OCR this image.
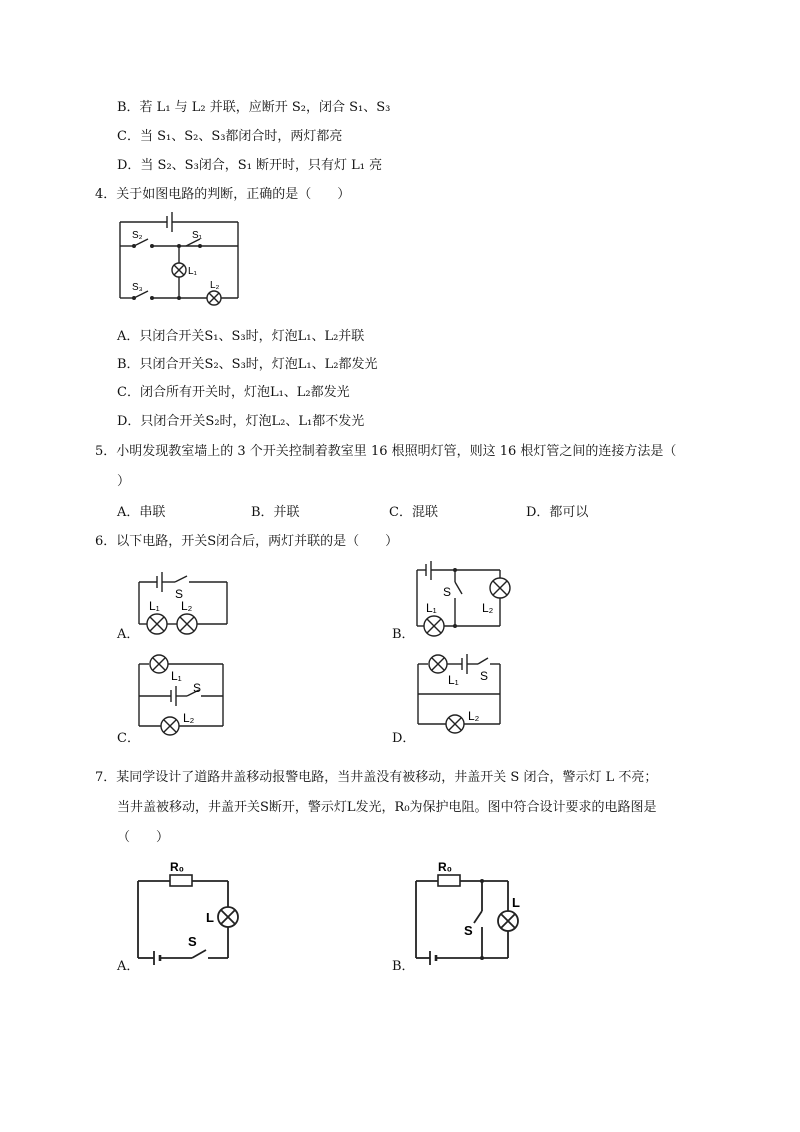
B．若 L₁ 与 L₂ 并联，应断开 S₂，闭合 S₁、S₃
C．当 S₁、S₂、S₃都闭合时，两灯都亮
D．当 S₂、S₃闭合，S₁ 断开时，只有灯 L₁ 亮
4．关于如图电路的判断，正确的是（　　）
S₂	S₁
L₁
S₃	L₂
A．只闭合开关S₁、S₃时，灯泡L₁、L₂并联
B．只闭合开关S₂、S₃时，灯泡L₁、L₂都发光
C．闭合所有开关时，灯泡L₁、L₂都发光
D．只闭合开关S₂时，灯泡L₂、L₁都不发光
5．小明发现教室墙上的 3 个开关控制着教室里 16 根照明灯管，则这 16 根灯管之间的连接方法是（
）
A．串联	B．并联	C．混联	D．都可以
6．以下电路，开关S闭合后，两灯并联的是（　　）
A．
S
L₁ L₂
B．
S
L₁	L₂
C．
L₁
S
L₂
D．
L₁ S
L₂
7．某同学设计了道路井盖移动报警电路，当井盖没有被移动，井盖开关 S 闭合，警示灯 L 不亮；
当井盖被移动，井盖开关S断开，警示灯L发光，R₀为保护电阻。图中符合设计要求的电路图是
（　　）
A．
R₀
L
S
B．
R₀
L
S
